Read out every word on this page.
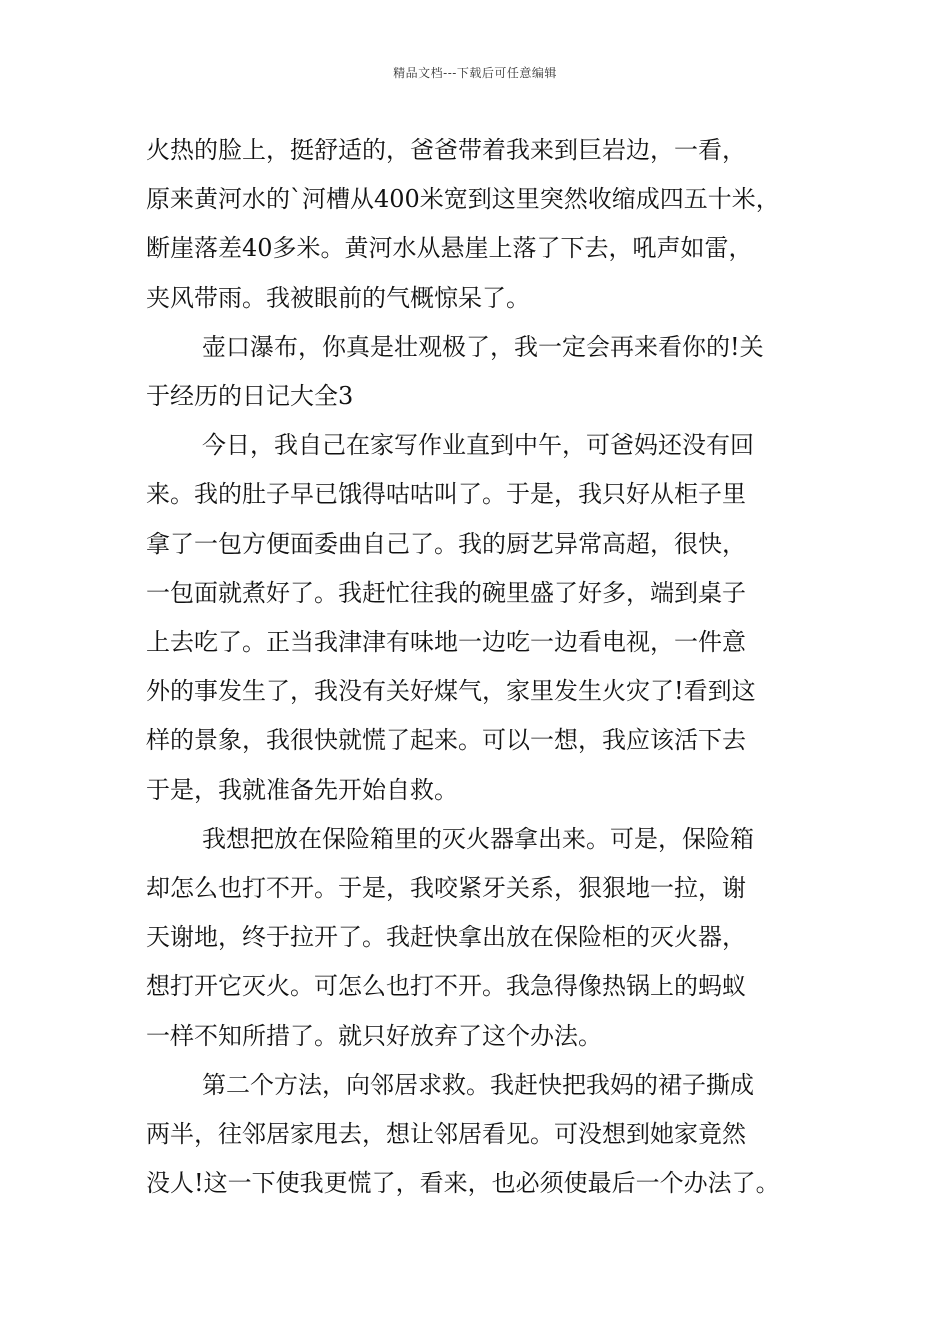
精品文档---下载后可任意编辑

火热的脸上，挺舒适的，爸爸带着我来到巨岩边，一看，
原来黄河水的`河槽从400米宽到这里突然收缩成四五十米，
断崖落差40多米。黄河水从悬崖上落了下去，吼声如雷，
夹风带雨。我被眼前的气概惊呆了。

壶口瀑布，你真是壮观极了，我一定会再来看你的!关
于经历的日记大全3

今日，我自己在家写作业直到中午，可爸妈还没有回
来。我的肚子早已饿得咕咕叫了。于是，我只好从柜子里
拿了一包方便面委曲自己了。我的厨艺异常高超，很快，
一包面就煮好了。我赶忙往我的碗里盛了好多，端到桌子
上去吃了。正当我津津有味地一边吃一边看电视，一件意
外的事发生了，我没有关好煤气，家里发生火灾了!看到这
样的景象，我很快就慌了起来。可以一想，我应该活下去
于是，我就准备先开始自救。

我想把放在保险箱里的灭火器拿出来。可是，保险箱
却怎么也打不开。于是，我咬紧牙关系，狠狠地一拉，谢
天谢地，终于拉开了。我赶快拿出放在保险柜的灭火器，
想打开它灭火。可怎么也打不开。我急得像热锅上的蚂蚁
一样不知所措了。就只好放弃了这个办法。

第二个方法，向邻居求救。我赶快把我妈的裙子撕成
两半，往邻居家甩去，想让邻居看见。可没想到她家竟然
没人!这一下使我更慌了，看来，也必须使最后一个办法了。
